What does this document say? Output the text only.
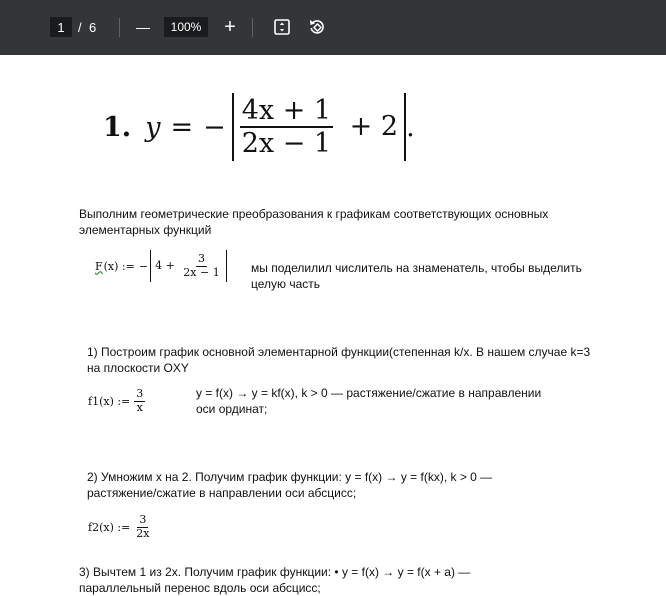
1	/ 6	—	100%	+
1. y = − $\frac{4x + 1}{2x - 1} + 2$ .
Выполним геометрические преобразования к графикам соответствующих основных элементарных функций
F (x) := − $4 + \frac{3}{2x - 1}$ мы поделилил числитель на знаменатель, чтобы выделить целую часть
1) Построим график основной элементарной функции(степенная k/x. В нашем случае k=3 на плоскости OXY
f1(x) := $\frac{3}{x}$	y = f(x) → y = kf(x), k > 0 — растяжение/сжатие в направлении оси ординат;
2) Умножим x на 2. Получим график функции: y = f(x) → y = f(kx), k > 0 — растяжение/сжатие в направлении оси абсцисс;
f2(x) := $\frac{3}{2x}$
3) Вычтем 1 из 2x. Получим график функции: • y = f(x) → y = f(x + a) — параллельный перенос вдоль оси абсцисс;
